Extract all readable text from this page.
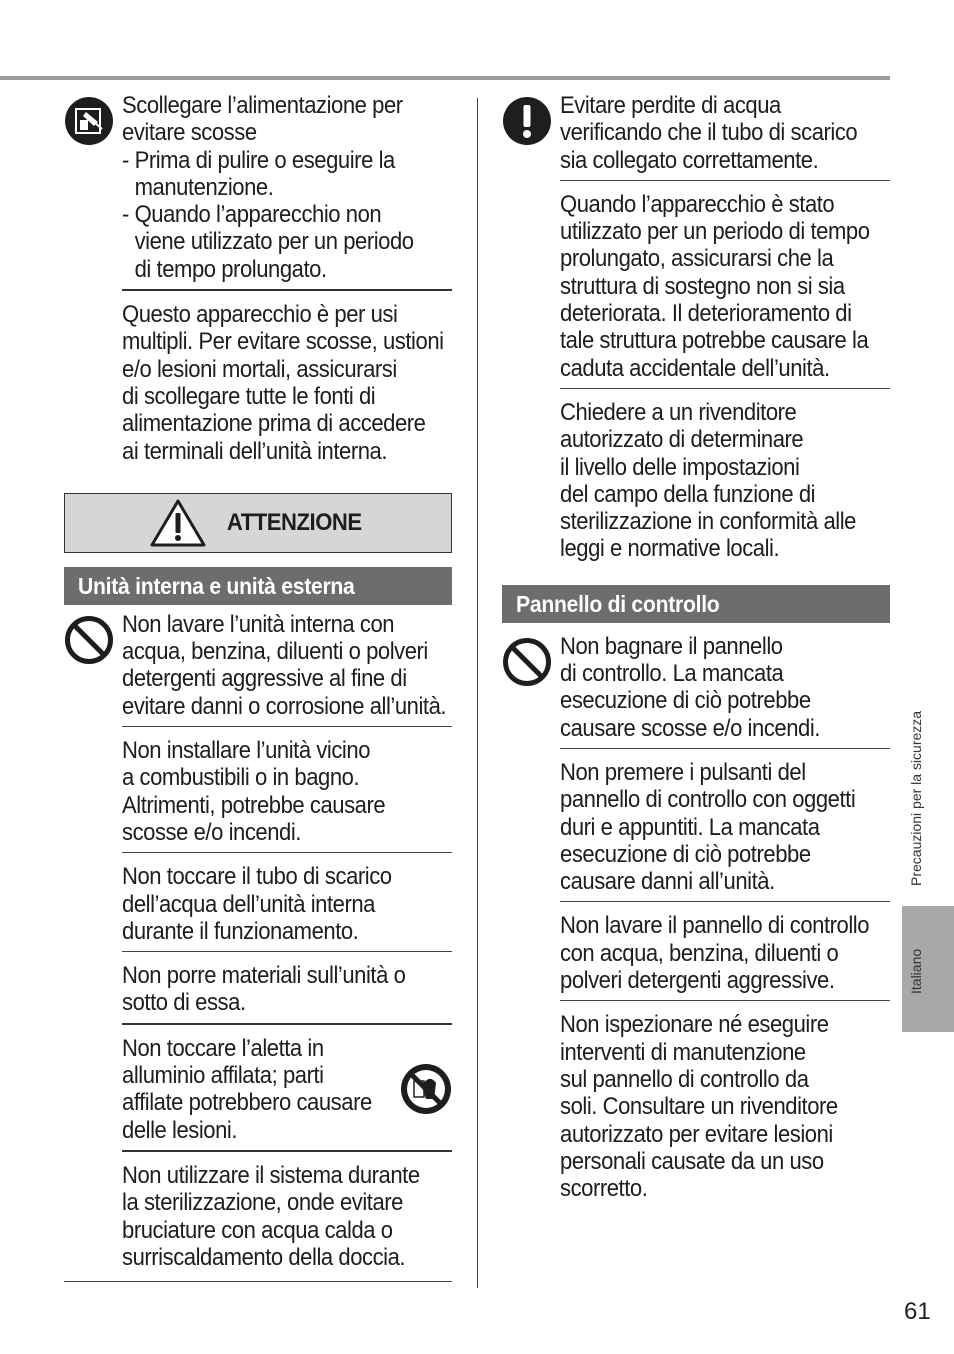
Scollegare l’alimentazione per
evitare scosse
- Prima di pulire o eseguire la
manutenzione.
- Quando l’apparecchio non
viene utilizzato per un periodo
di tempo prolungato.
Questo apparecchio è per usi
multipli. Per evitare scosse, ustioni
e/o lesioni mortali, assicurarsi
di scollegare tutte le fonti di
alimentazione prima di accedere
ai terminali dell’unità interna.
ATTENZIONE
Unità interna e unità esterna
Non lavare l’unità interna con
acqua, benzina, diluenti o polveri
detergenti aggressive al fine di
evitare danni o corrosione all’unità.
Non installare l’unità vicino
a combustibili o in bagno.
Altrimenti, potrebbe causare
scosse e/o incendi.
Non toccare il tubo di scarico
dell’acqua dell’unità interna
durante il funzionamento.
Non porre materiali sull’unità o
sotto di essa.
Non toccare l’aletta in
alluminio affilata; parti
affilate potrebbero causare
delle lesioni.
Non utilizzare il sistema durante
la sterilizzazione, onde evitare
bruciature con acqua calda o
surriscaldamento della doccia.
Evitare perdite di acqua
verificando che il tubo di scarico
sia collegato correttamente.
Quando l’apparecchio è stato
utilizzato per un periodo di tempo
prolungato, assicurarsi che la
struttura di sostegno non si sia
deteriorata. Il deterioramento di
tale struttura potrebbe causare la
caduta accidentale dell’unità.
Chiedere a un rivenditore
autorizzato di determinare
il livello delle impostazioni
del campo della funzione di
sterilizzazione in conformità alle
leggi e normative locali.
Pannello di controllo
Non bagnare il pannello
di controllo. La mancata
esecuzione di ciò potrebbe
causare scosse e/o incendi.
Non premere i pulsanti del
pannello di controllo con oggetti
duri e appuntiti. La mancata
esecuzione di ciò potrebbe
causare danni all’unità.
Non lavare il pannello di controllo
con acqua, benzina, diluenti o
polveri detergenti aggressive.
Non ispezionare né eseguire
interventi di manutenzione
sul pannello di controllo da
soli. Consultare un rivenditore
autorizzato per evitare lesioni
personali causate da un uso
scorretto.
Precauzioni per la sicurezza
Italiano
61
